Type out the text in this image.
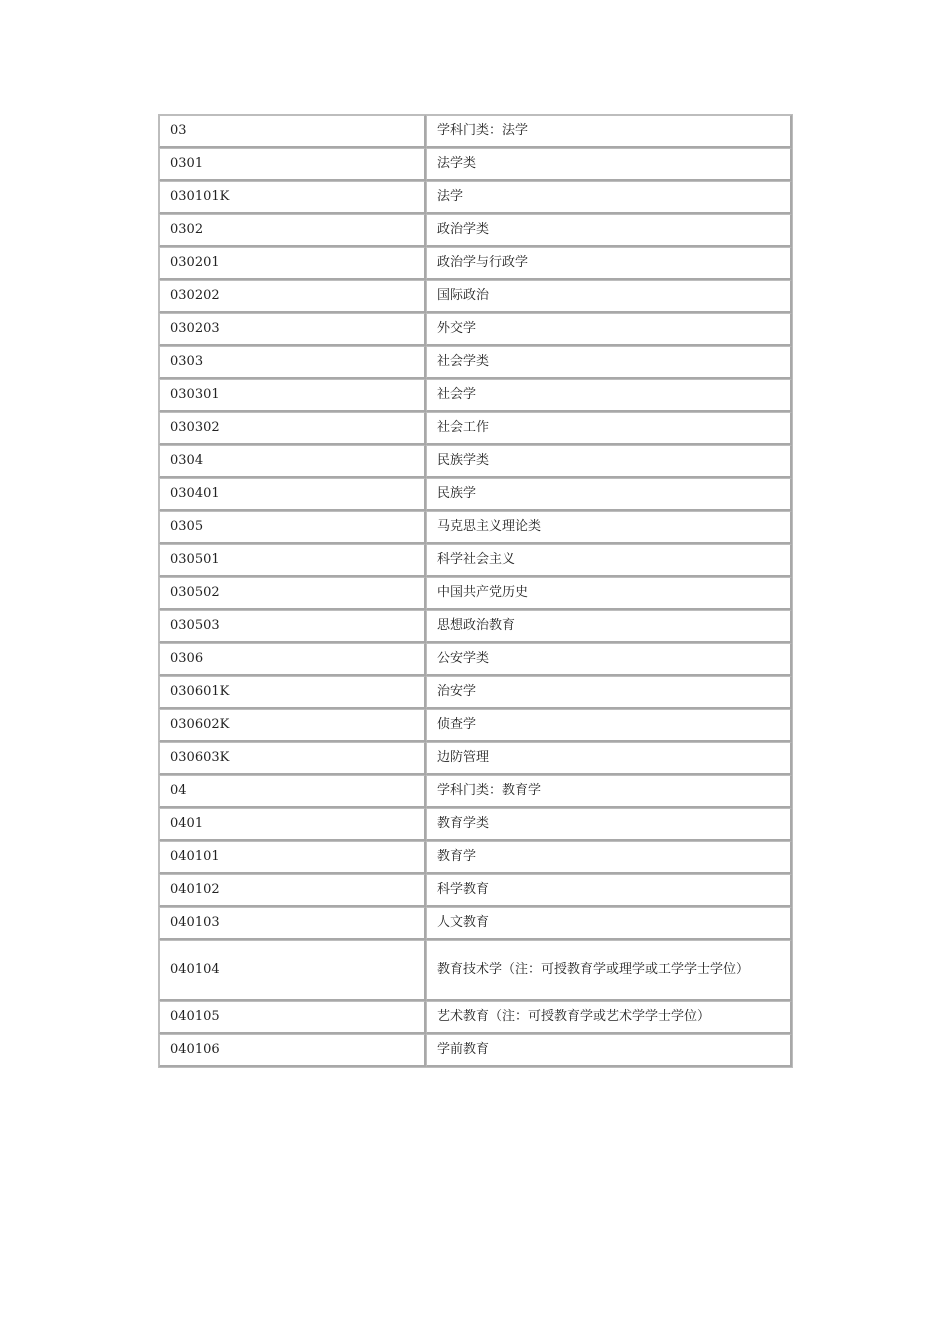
03	学科门类：法学
0301	法学类
030101K	法学
0302	政治学类
030201	政治学与行政学
030202	国际政治
030203	外交学
0303	社会学类
030301	社会学
030302	社会工作
0304	民族学类
030401	民族学
0305	马克思主义理论类
030501	科学社会主义
030502	中国共产党历史
030503	思想政治教育
0306	公安学类
030601K	治安学
030602K	侦查学
030603K	边防管理
04	学科门类：教育学
0401	教育学类
040101	教育学
040102	科学教育
040103	人文教育
040104	教育技术学（注：可授教育学或理学或工学学士学位）
040105	艺术教育（注：可授教育学或艺术学学士学位）
040106	学前教育
